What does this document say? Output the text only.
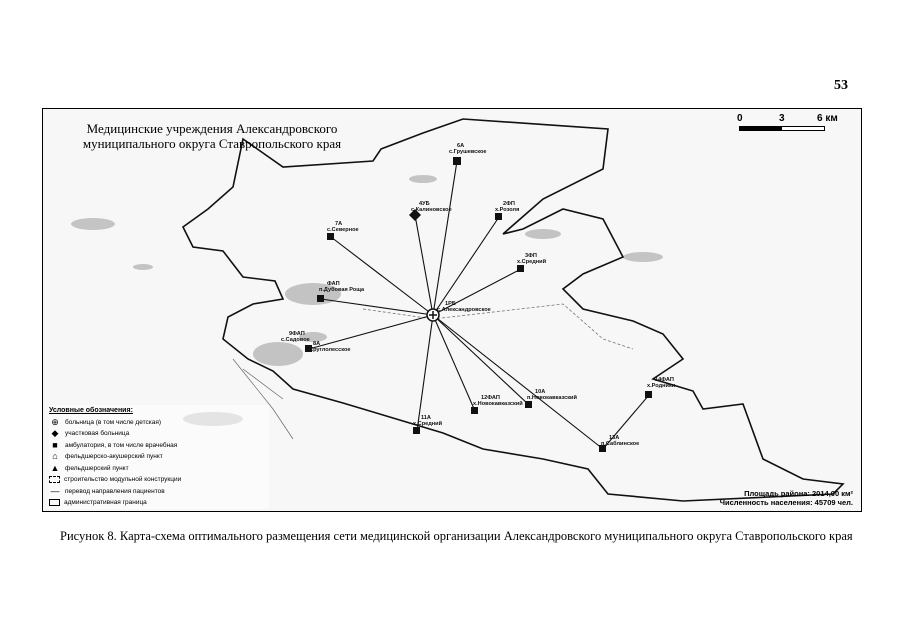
53
6А
с.Грушевское
4УБ
с.Калиновское
2ФП
х.Розоля
7А
с.Северное
3ФП
х.Средний
ФАП
п.Дубовая Роща
1РБ
с.Александровское
9ФАП
с.Садовое
8А
с.Круглолесское
10А
п.Новокавказский
12ФАП
х.Новокавказский
11А
х.Средний
14ФАП
х.Родники
13А
п.Саблинское
Медицинские учреждения Александровского муниципального округа Ставропольского края
0	3	6 км
Условные обозначения:
⊕ больница (в том числе детская)
◆	участковая больница
■	амбулатория, в том числе врачебная
⌂	фельдшерско-акушерский пункт
▲ фельдшерский пункт
строительство модульной конструкции
— перевод направления пациентов
административная граница
Площадь района: 2014,00 км²
Численность населения: 45709 чел.
Рисунок 8. Карта-схема оптимального размещения сети медицинской организации Александровского муниципального округа Ставропольского края
